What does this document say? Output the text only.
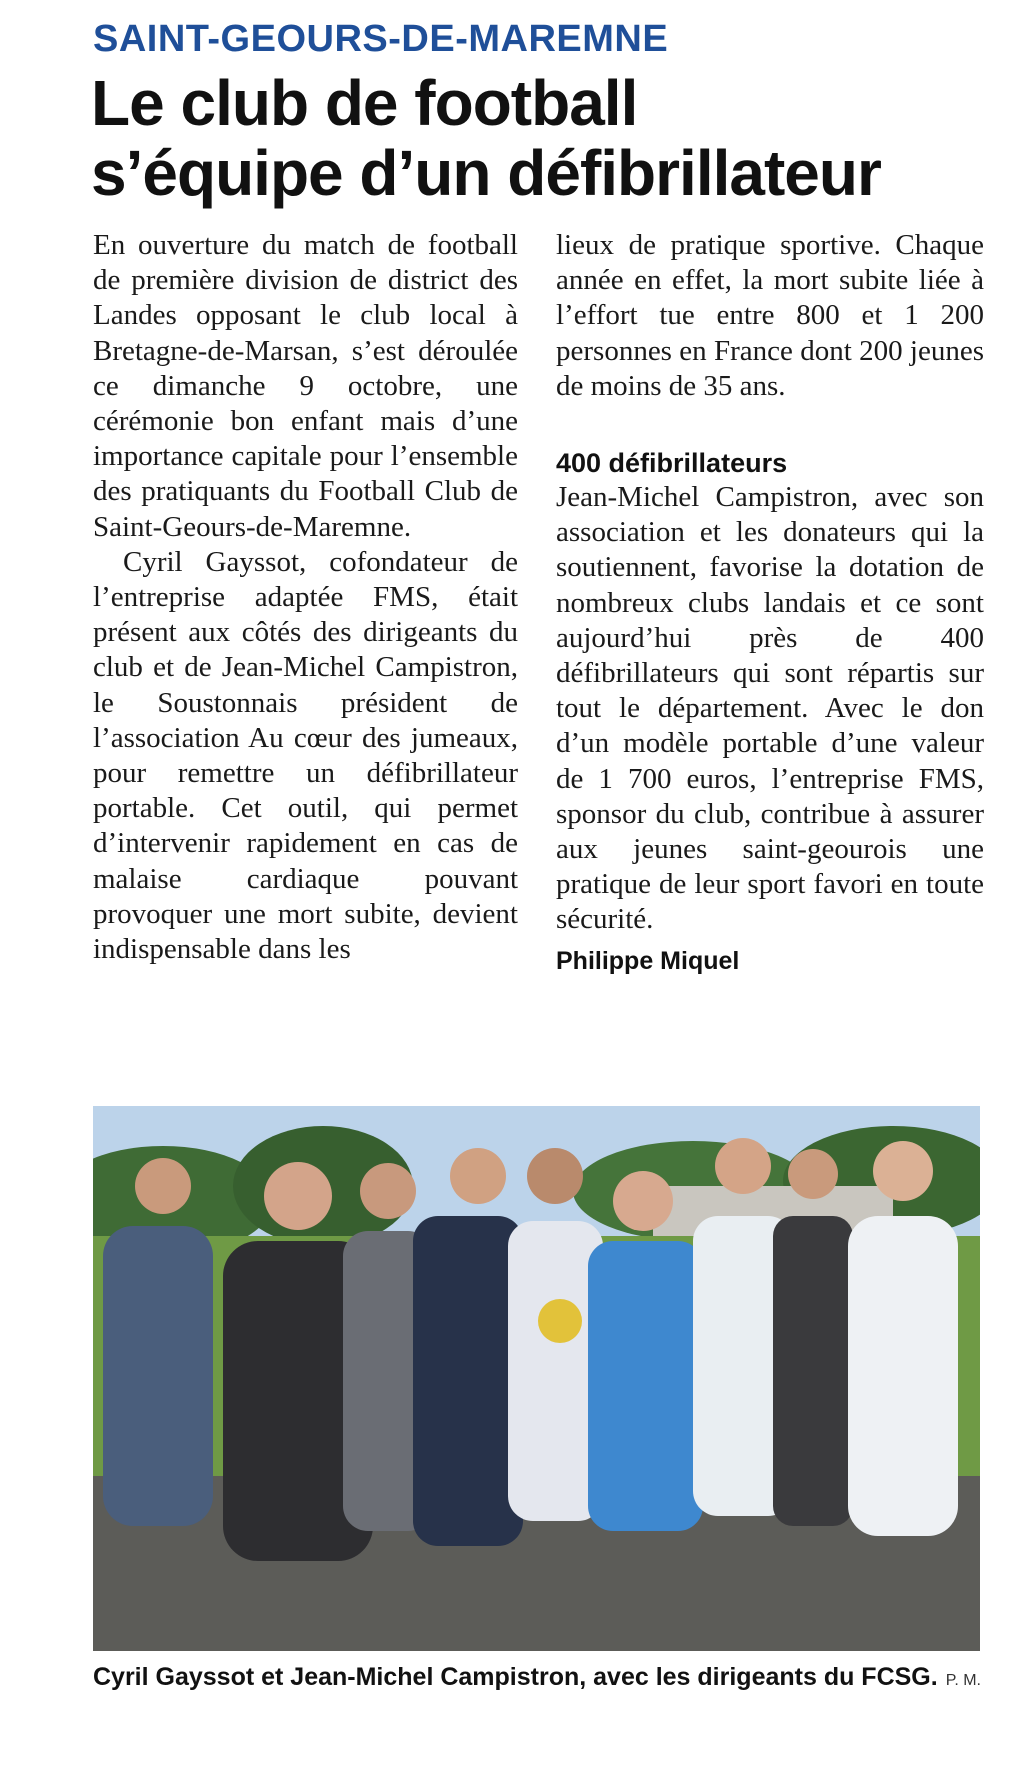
SAINT-GEOURS-DE-MAREMNE
Le club de football
s’équipe d’un défibrillateur

En ouverture du match de football de première division de district des Landes opposant le club local à Bretagne-de-Marsan, s’est déroulée ce dimanche 9 octobre, une cérémonie bon enfant mais d’une importance capitale pour l’ensemble des pratiquants du Football Club de Saint-Geours-de-Maremne.

Cyril Gayssot, cofondateur de l’entreprise adaptée FMS, était présent aux côtés des dirigeants du club et de Jean-Michel Campistron, le Soustonnais président de l’association Au cœur des jumeaux, pour remettre un défibrillateur portable. Cet outil, qui permet d’intervenir rapidement en cas de malaise cardiaque pouvant provoquer une mort subite, devient indispensable dans les

lieux de pratique sportive. Chaque année en effet, la mort subite liée à l’effort tue entre 800 et 1 200 personnes en France dont 200 jeunes de moins de 35 ans.

400 défibrillateurs

Jean-Michel Campistron, avec son association et les donateurs qui la soutiennent, favorise la dotation de nombreux clubs landais et ce sont aujourd’hui près de 400 défibrillateurs qui sont répartis sur tout le département. Avec le don d’un modèle portable d’une valeur de 1 700 euros, l’entreprise FMS, sponsor du club, contribue à assurer aux jeunes saint-geourois une pratique de leur sport favori en toute sécurité.

Philippe Miquel

Cyril Gayssot et Jean-Michel Campistron, avec les dirigeants du FCSG. P. M.
